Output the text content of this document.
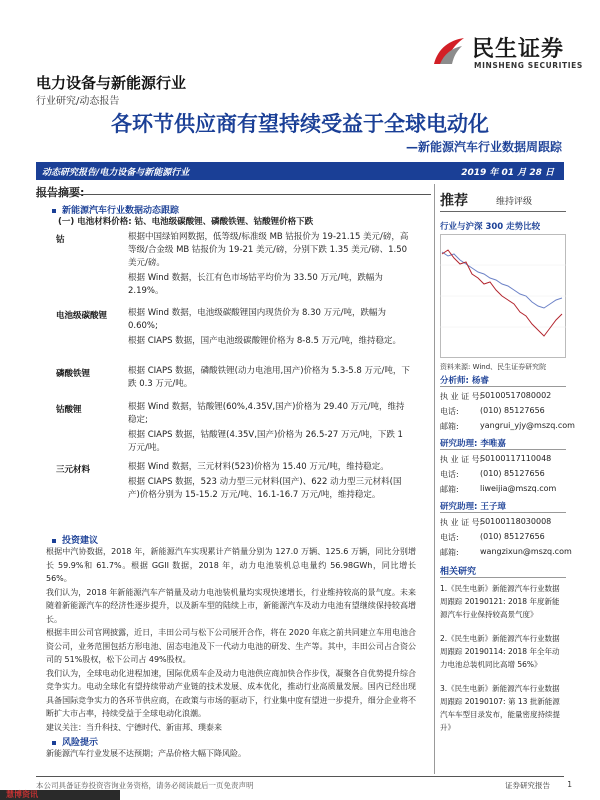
民生证券
MINSHENG SECURITIES
电力设备与新能源行业
行业研究/动态报告
各环节供应商有望持续受益于全球电动化
—新能源汽车行业数据周跟踪
动态研究报告/电力设备与新能源行业	2019 年 01 月 28 日
报告摘要:
新能源汽车行业数据动态跟踪
(一) 电池材料价格: 钴、电池级碳酸锂、磷酸铁锂、钴酸锂价格下跌
钴	根据中国绿铂网数据，低等级/标准级 MB 钴报价为 19-21.15 美元/磅，高等级/合金级 MB 钴报价为 19-21 美元/磅，分别下跌 1.35 美元/磅、1.50 美元/磅。

根据 Wind 数据，长江有色市场钴平均价为 33.50 万元/吨，跌幅为 2.19%。

电池级碳酸锂 根据 Wind 数据，电池级碳酸锂国内现货价为 8.30 万元/吨，跌幅为 0.60%;

根据 CIAPS 数据，国产电池级碳酸锂价格为 8-8.5 万元/吨，维持稳定。

磷酸铁锂	根据 CIAPS 数据，磷酸铁锂(动力电池用,国产)价格为 5.3-5.8 万元/吨，下跌 0.3 万元/吨。

钴酸锂	根据 Wind 数据，钴酸锂(60%,4.35V,国产)价格为 29.40 万元/吨，维持稳定;

根据 CIAPS 数据，钴酸锂(4.35V,国产)价格为 26.5-27 万元/吨，下跌 1 万元/吨。

三元材料	根据 Wind 数据，三元材料(523)价格为 15.40 万元/吨，维持稳定。

根据 CIAPS 数据，523 动力型三元材料(国产)、622 动力型三元材料(国产)价格分别为 15-15.2 万元/吨、16.1-16.7 万元/吨，维持稳定。

投资建议

根据中汽协数据，2018 年，新能源汽车实现累计产销量分别为 127.0 万辆、125.6 万辆，同比分别增长 59.9%和 61.7%。根据 GGII 数据，2018 年，动力电池装机总电量约 56.98GWh，同比增长 56%。

我们认为，2018 年新能源汽车产销量及动力电池装机量均实现快速增长，行业维持较高的景气度。未来随着新能源汽车的经济性逐步提升，以及新车型的陆续上市，新能源汽车及动力电池有望继续保持较高增长。

根据丰田公司官网披露，近日，丰田公司与松下公司展开合作，将在 2020 年底之前共同建立车用电池合资公司，业务范围包括方形电池、固态电池及下一代动力电池的研发、生产等。其中，丰田公司占合资公司的 51%股权，松下公司占 49%股权。

我们认为，全球电动化进程加速，国际优质车企及动力电池供应商加快合作步伐，凝聚各自优势提升综合竞争实力。电动全球化有望持续带动产业链的技术发展、成本优化，推动行业高质量发展。国内已经出现具备国际竞争实力的各环节供应商，在政策与市场的驱动下，行业集中度有望进一步提升，细分企业将不断扩大市占率，持续受益于全球电动化浪潮。

建议关注：当升科技、宁德时代、新宙邦、璞泰来

风险提示

新能源汽车行业发展不达预期；产品价格大幅下降风险。

推荐	维持评级
行业与沪深 300 走势比较
资料来源: Wind、民生证券研究院
分析师: 杨睿
执 业 证 号:
S0100517080002
电话:	(010) 85127656
邮箱:	yangrui_yjy@mszq.com
研究助理: 李唯嘉
执 业 证 号:
S0100117110048
电话:	(010) 85127656
邮箱:	liweijia@mszq.com
研究助理: 王子璋
执 业 证 号:
S0100118030008
电话:	(010) 85127656
邮箱:	wangzixun@mszq.com
相关研究
1.《民生电新》新能源汽车行业数据周跟踪 20190121: 2018 年度新能源汽车行业保持较高景气度》
2.《民生电新》新能源汽车行业数据周跟踪 20190114: 2018 年全年动力电池总装机同比高增 56%》
3.《民生电新》新能源汽车行业数据周跟踪 20190107: 第 13 批新能源汽车车型目录发布，能量密度持续提升》
本公司具备证券投资咨询业务资格，请务必阅读最后一页免责声明	证券研究报告 1
慧博资讯
